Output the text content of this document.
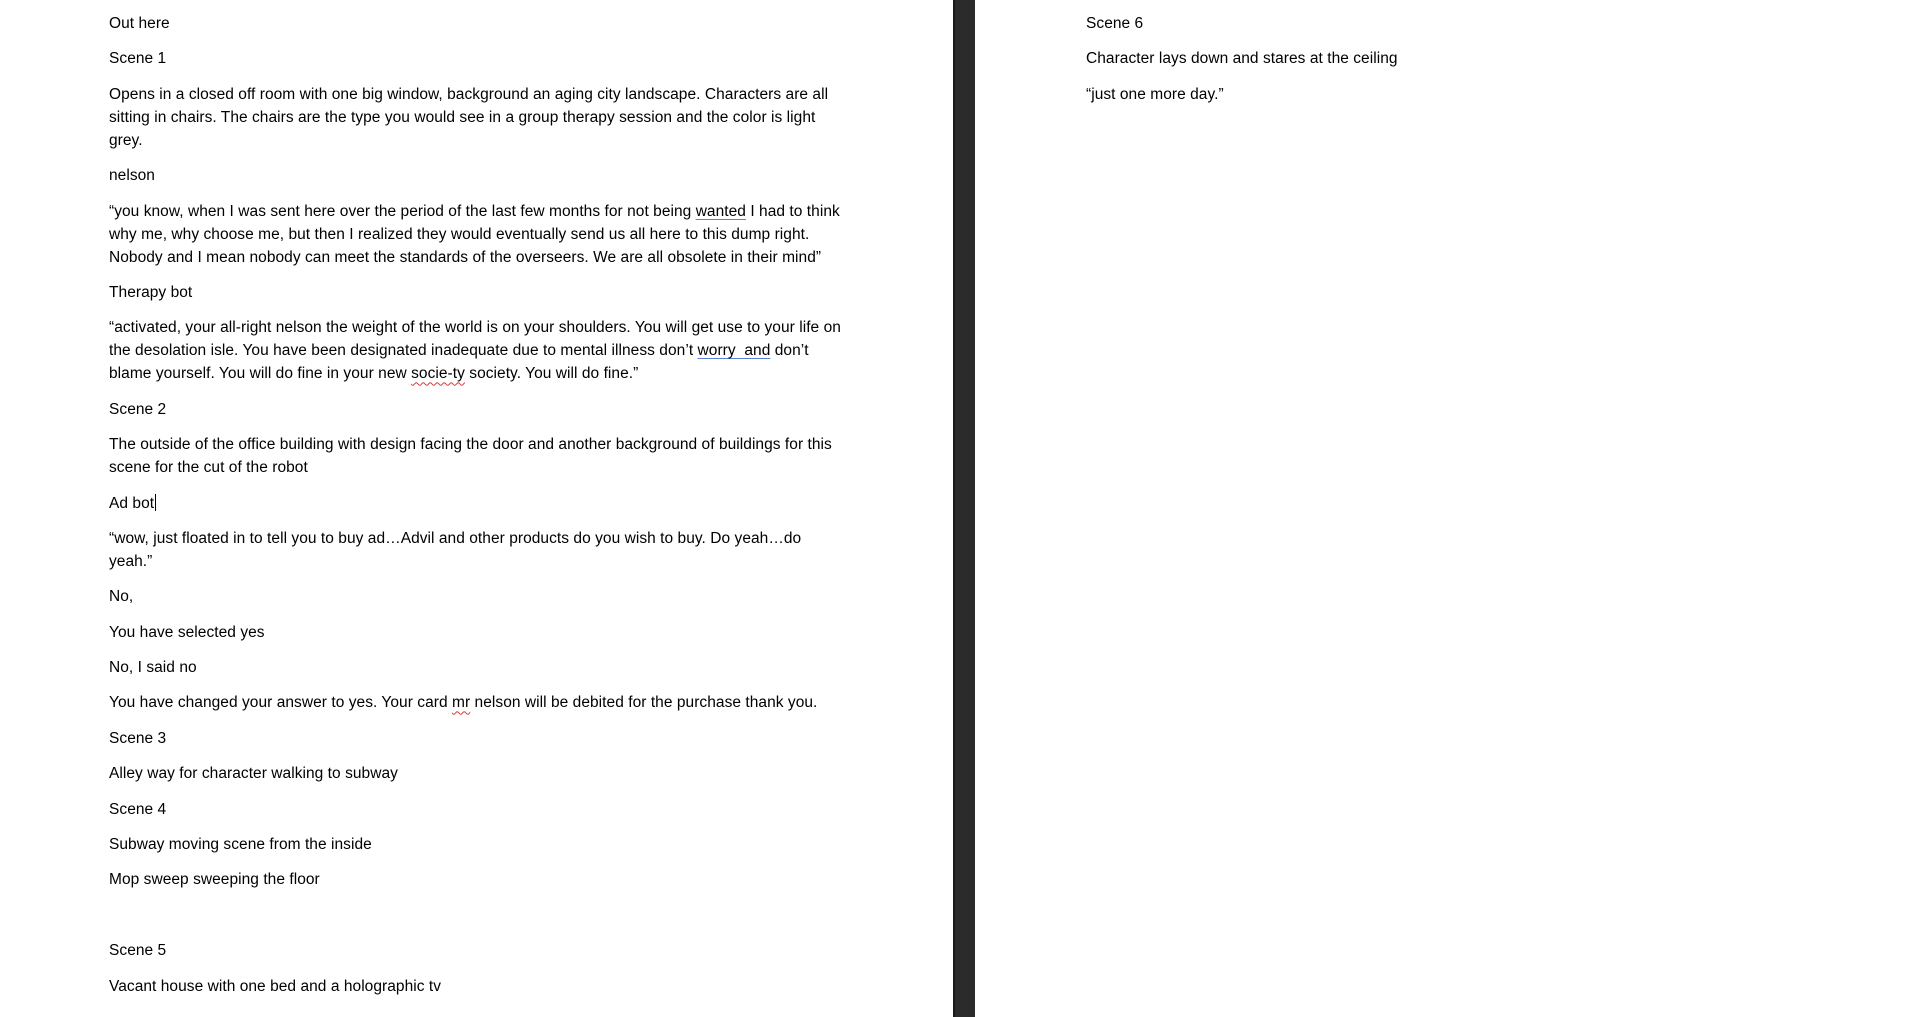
Out here

Scene 1

Opens in a closed off room with one big window, background an aging city landscape. Characters are all sitting in chairs. The chairs are the type you would see in a group therapy session and the color is light grey.

nelson

“you know, when I was sent here over the period of the last few months for not being wanted I had to think why me, why choose me, but then I realized they would eventually send us all here to this dump right. Nobody and I mean nobody can meet the standards of the overseers. We are all obsolete in their mind”

Therapy bot

“activated, your all-right nelson the weight of the world is on your shoulders. You will get use to your life on the desolation isle. You have been designated inadequate due to mental illness don’t worry  and don’t blame yourself. You will do fine in your new socie-ty society. You will do fine.”

Scene 2

The outside of the office building with design facing the door and another background of buildings for this scene for the cut of the robot

Ad bot

“wow, just floated in to tell you to buy ad…Advil and other products do you wish to buy. Do yeah…do yeah.”

No,

You have selected yes

No, I said no

You have changed your answer to yes. Your card mr nelson will be debited for the purchase thank you.

Scene 3

Alley way for character walking to subway

Scene 4

Subway moving scene from the inside

Mop sweep sweeping the floor

Scene 5

Vacant house with one bed and a holographic tv

Scene 6

Character lays down and stares at the ceiling

“just one more day.”
